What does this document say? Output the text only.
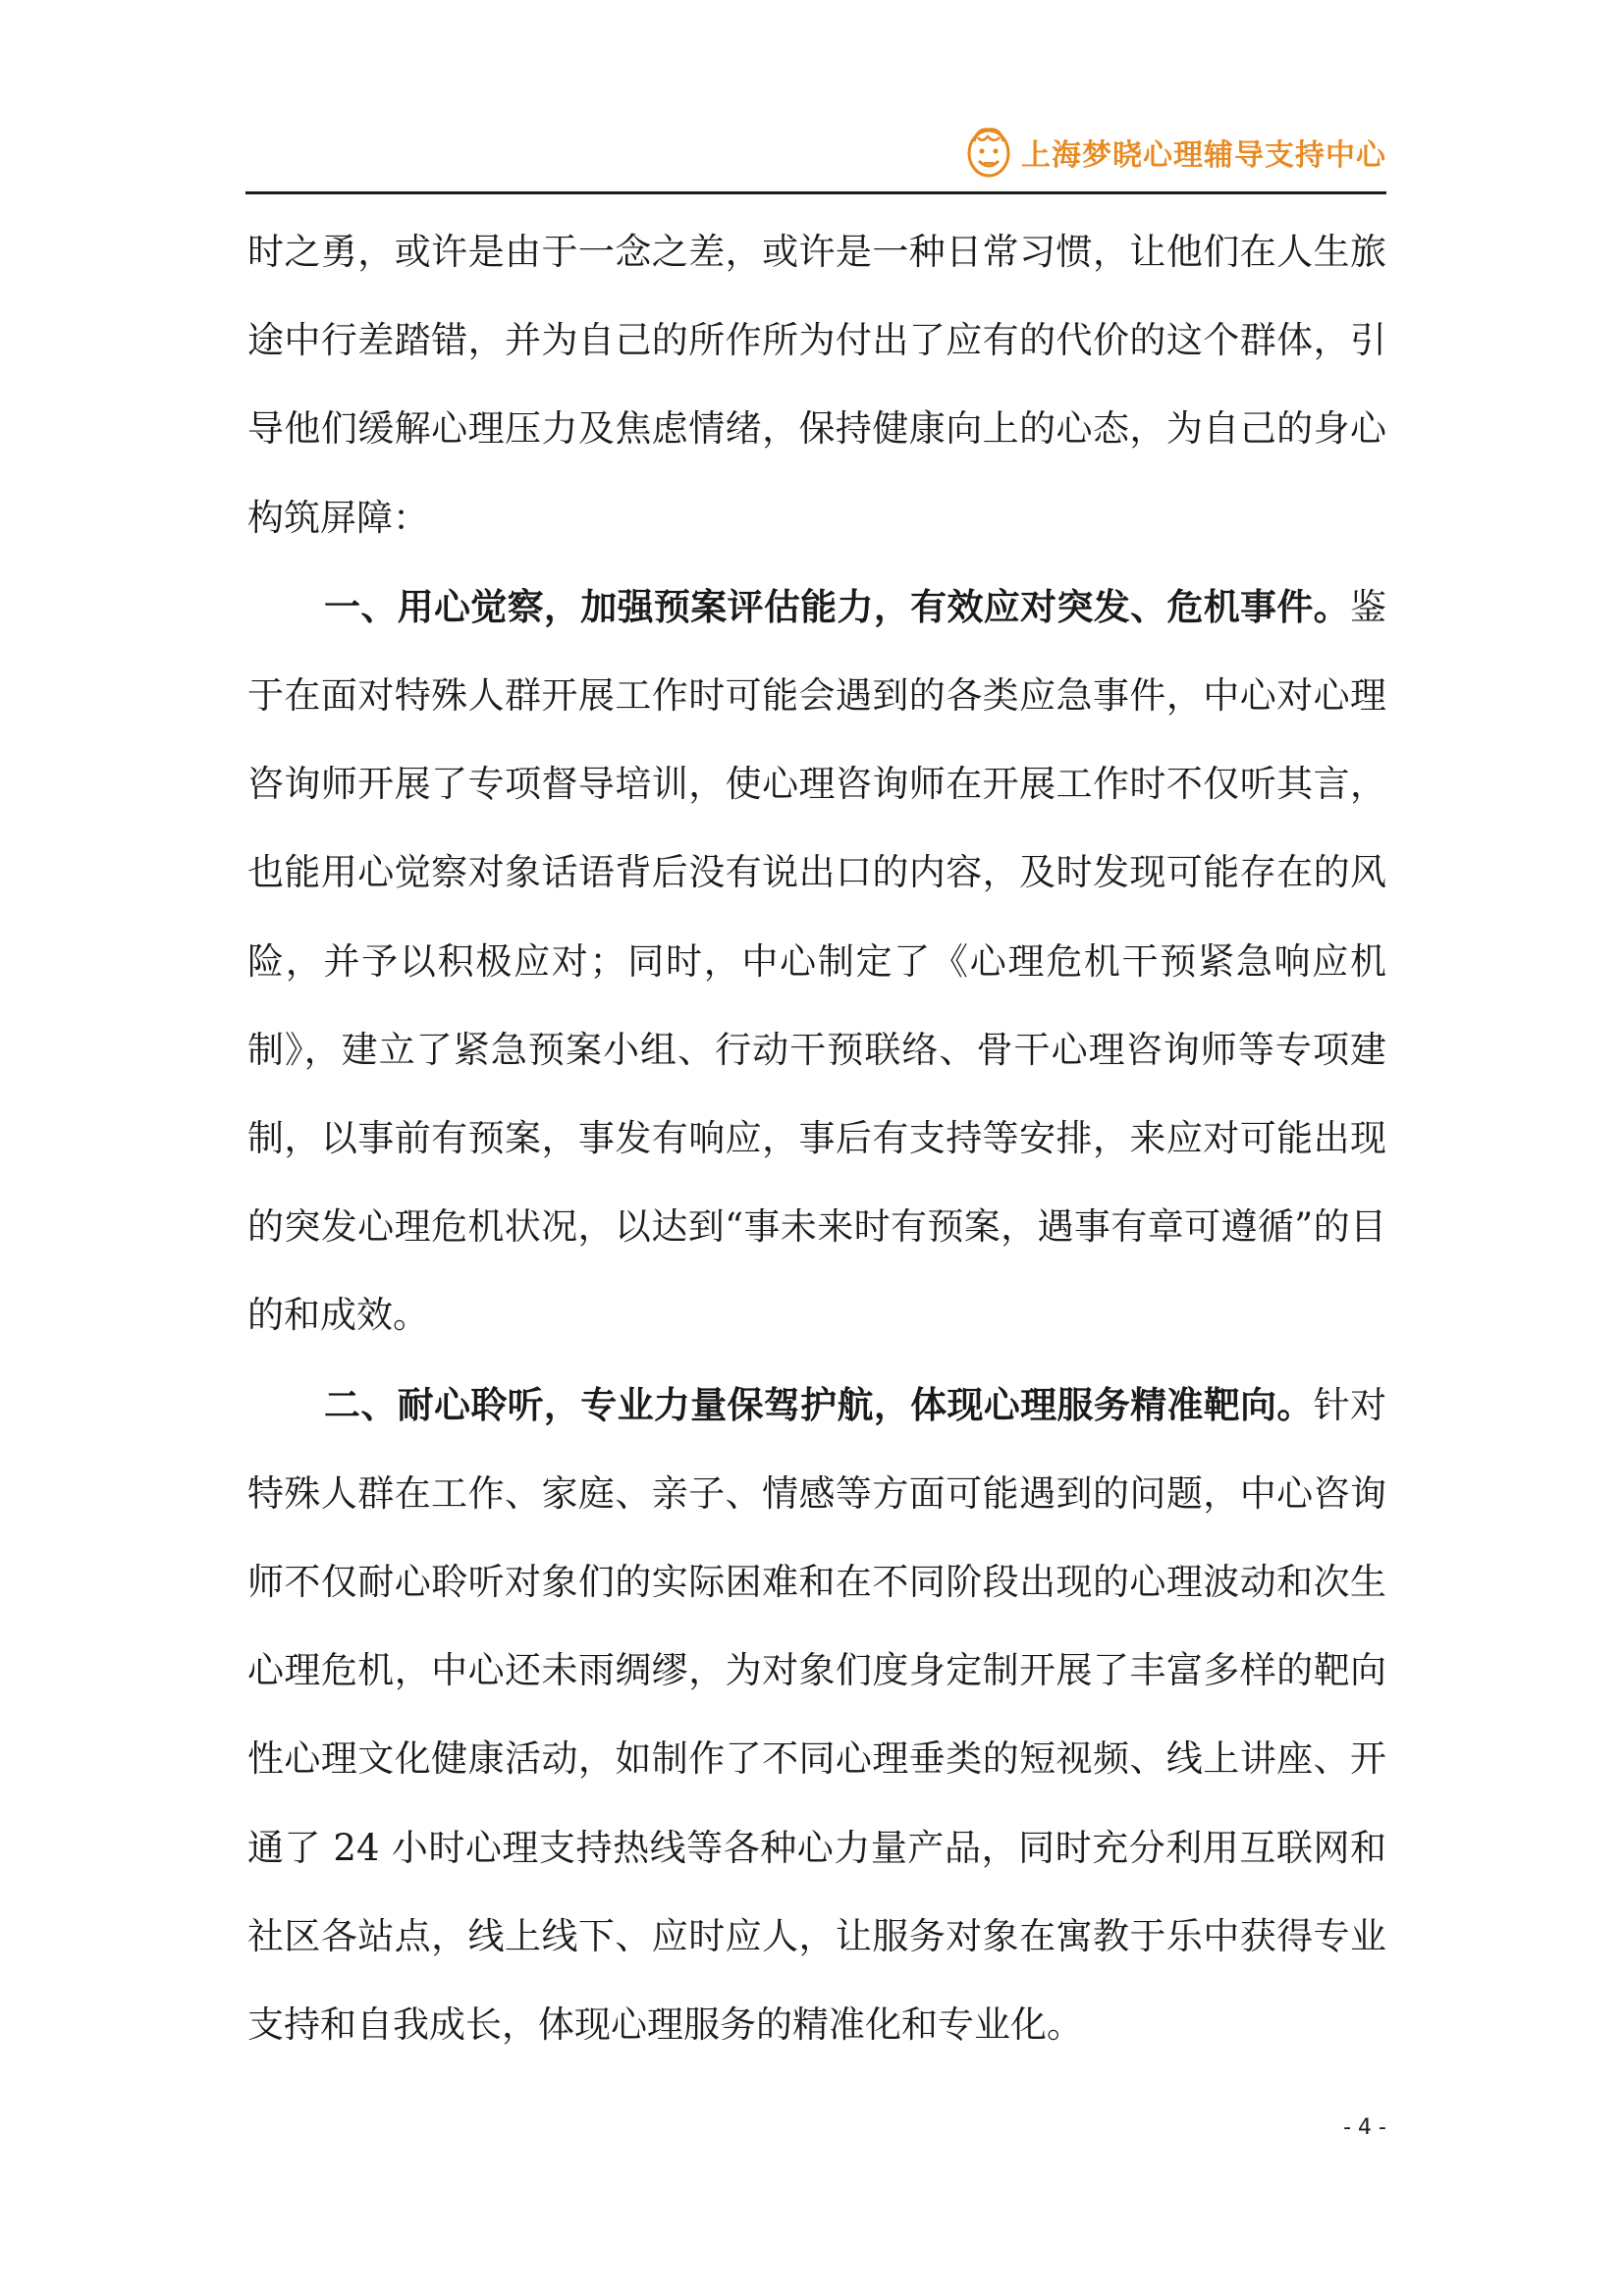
上海梦晓心理辅导支持中心

时之勇，或许是由于一念之差，或许是一种日常习惯，让他们在人生旅途中行差踏错，并为自己的所作所为付出了应有的代价的这个群体，引导他们缓解心理压力及焦虑情绪，保持健康向上的心态，为自己的身心构筑屏障：

一、用心觉察，加强预案评估能力，有效应对突发、危机事件。鉴于在面对特殊人群开展工作时可能会遇到的各类应急事件，中心对心理咨询师开展了专项督导培训，使心理咨询师在开展工作时不仅听其言，也能用心觉察对象话语背后没有说出口的内容，及时发现可能存在的风险，并予以积极应对；同时，中心制定了《心理危机干预紧急响应机制》，建立了紧急预案小组、行动干预联络、骨干心理咨询师等专项建制，以事前有预案，事发有响应，事后有支持等安排，来应对可能出现的突发心理危机状况，以达到“事未来时有预案，遇事有章可遵循”的目的和成效。

二、耐心聆听，专业力量保驾护航，体现心理服务精准靶向。针对特殊人群在工作、家庭、亲子、情感等方面可能遇到的问题，中心咨询师不仅耐心聆听对象们的实际困难和在不同阶段出现的心理波动和次生心理危机，中心还未雨绸缪，为对象们度身定制开展了丰富多样的靶向性心理文化健康活动，如制作了不同心理垂类的短视频、线上讲座、开通了 24 小时心理支持热线等各种心力量产品，同时充分利用互联网和社区各站点，线上线下、应时应人，让服务对象在寓教于乐中获得专业支持和自我成长，体现心理服务的精准化和专业化。

- 4 -
